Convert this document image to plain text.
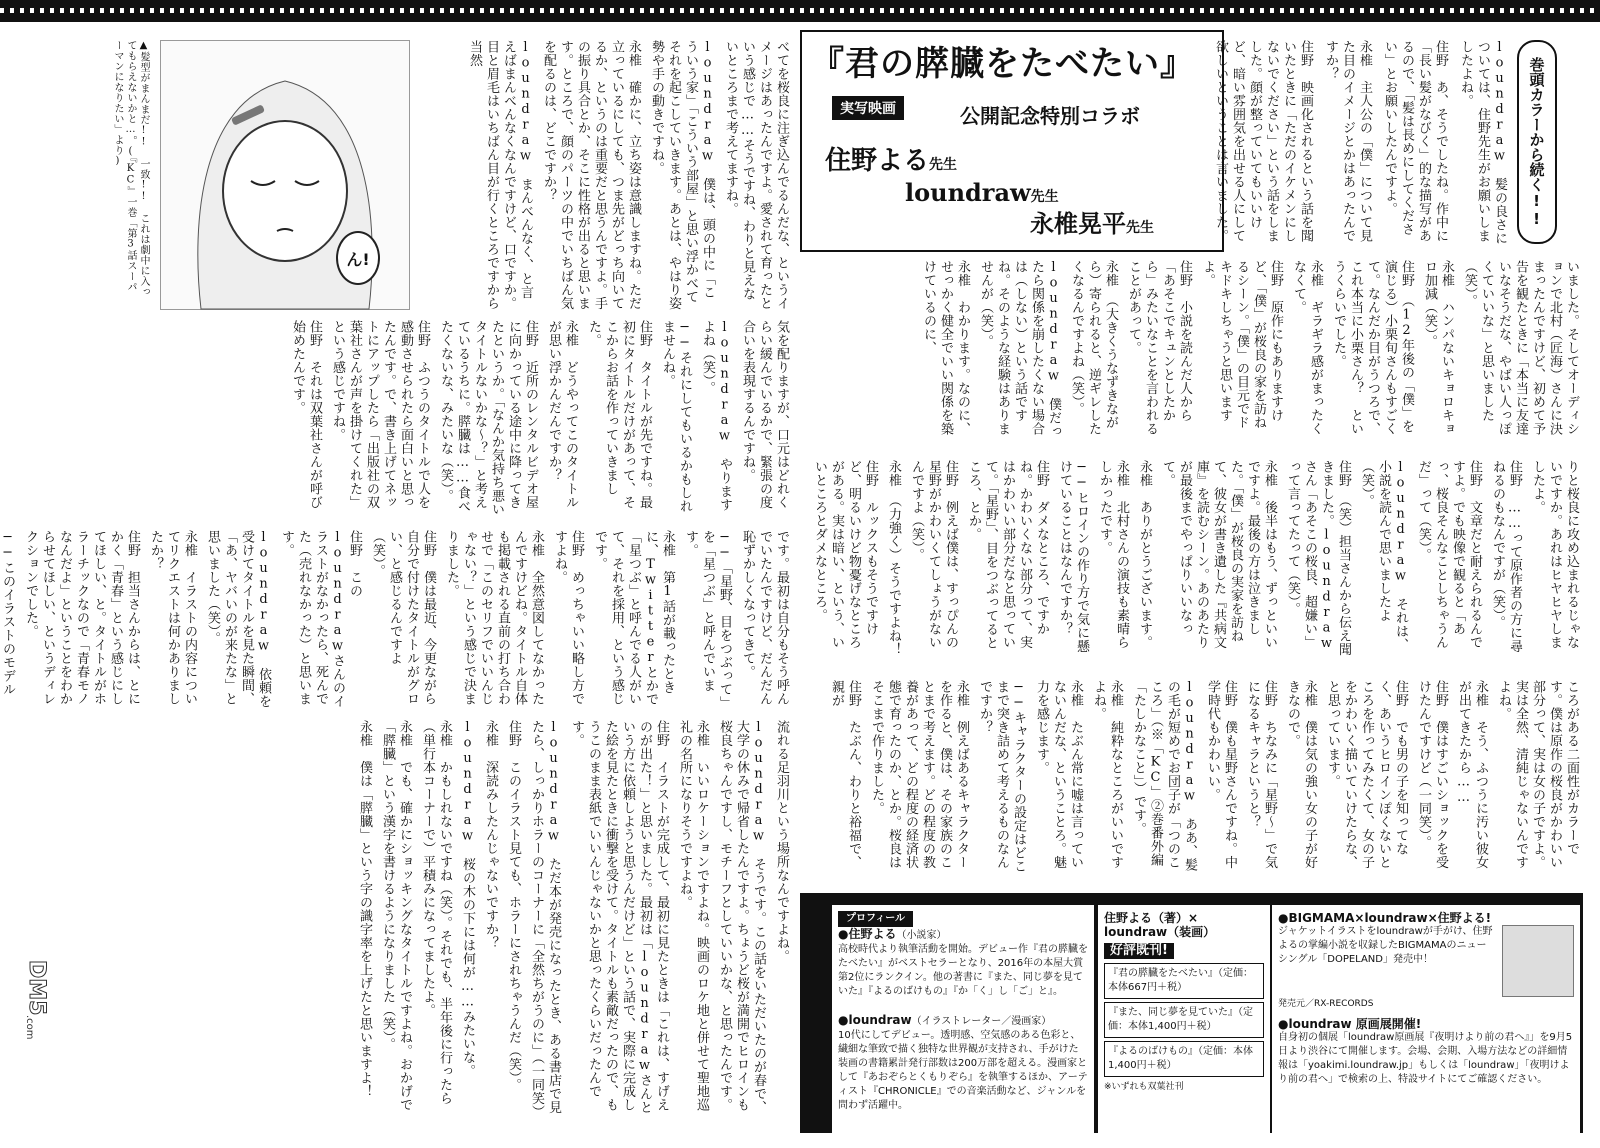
『君の膵臓をたべたい』
実写映画	公開記念特別コラボ
住野よる先生
loundraw先生
永椎晃平先生
巻頭カラーから続く!!

loundraw　髪の良さについては、住野先生がお願いしましたよね。

住野　あ、そうでしたね。作中に「長い髪がなびく」的な描写があるので、「髪は長めにしてください」とお願いしたんですよ。

永椎　主人公の「僕」について見た目のイメージとかはあったんですか？

住野　映画化されるという話を聞いたときに「ただのイケメンにしないでください」という話をしました。顔が整っていてもいいけど、暗い雰囲気を出せる人にして欲しいということは言いました。

いました。そしてオーディションで北村（匠海）さんに決まったんですけど、初めて予告を観たときに「本当に友達いなそうだな、やばい人っぽくていいな」と思いました（笑）。

永椎　ハンパないキョロキョロ加減（笑）。

住野　（12年後の「僕」を演じる）小栗旬さんもすごくて。なんだか目がうつろで、これ本当に小栗さん？　というくらいでした。

永椎　ギラギラ感がまったくなくて。

住野　原作にもありますけど、「僕」が桜良の家を訪ねるシーン。「僕」の目元でドキドキしちゃうと思いますよ。

住野　小説を読んだ人から「あそこでキュンとしたから」みたいなことを言われることがあって。

永椎　（大きくうなずきながら）寄られると、逆ギレしたくなるんですよね（笑）。

loundraw　僕だったら関係を崩したくない場合は（しない）という話ですね。そのような経験はありませんが（笑）。

永椎　わかります。なのに、せっかく健全でいい関係を築けているのに、

りと桜良に攻め込まれるじゃないですか。あれはヒヤヒヤしましたよ。

住野　……って原作者の方に尋ねるのもなんですが（笑）。

住野　文章だと耐えられるんですよ。でも映像で観ると「あっ、桜良そんなことしちゃうんだ」って（笑）。

loundraw　それは、小説を読んで思いましたよ（笑）。

住野　（笑）担当さんから伝え聞きました。loundrawさん「あそこの桜良、超嫌い」って言ってたって（笑）。

永椎　後半はもう、ずっといいですよ。最後の方は泣きました。「僕」が桜良の実家を訪ねて、彼女が書き遺した『共病文庫』を読むシーン。あのあたりが最後までやっぱりいいなって。

永椎　ありがとうございます。

永椎　北村さんの演技も素晴らしかったです。

──ヒロインの作り方で気に懸けていることはなんですか？

住野　ダメなところ、ですかね。かわいくない部分って、実はかわいい部分だなと思っていて。「星野」、目をつぶってるところ、とか。

住野　例えば僕は、すっぴんの星野がかわいくてしょうがないんですよ（笑）。

永椎　（力強く）そうですよね！

住野　ルックスもそうですけど、明るいけど物憂げなところがある。実は暗い、という、いいところとダメなところ。

ころがある二面性がカラーです。僕は原作の桜良がかわいい部分って、実は女の子ですよ。実は全然、清純じゃないんですよね。

永椎　そう、ふつうに汚い彼女が出てきたから……

住野　僕はすごいショックを受けたんですけど（一同笑）。

住野　でも男の子を知ってなく、あいうヒロインぽくないところを作ってみたくて、女の子をかわいく描いていけたらな、と思っています。

永椎　僕は気の強い女の子が好きなので。

住野　ちなみに「星野～」で気になるキャラというと？

住野　僕も星野さんですね。中学時代もかわいい。

loundraw　ああ、髪の毛が短めでお団子が「つのこころ」（※「KC」②巻番外編「たしかなこと」）です。

永椎　純粋なところがいいですよね。

永椎　たぶん常に嘘は言っていないんだな、ということろ。魅力を感じます。

──キャラクターの設定はどこまで突き詰めて考えるものなんですか？

永椎　例えばあるキャラクターを作ると、僕は、その家族のことまで考えます。どの程度の教養があって、どの程度の経済状態で育ったのか、とか。桜良はそこまで作りました。

住野　たぶん、わりと裕福で、親が

プロフィール
●住野よる（小説家）
高校時代より執筆活動を開始。デビュー作『君の膵臓をたべたい』がベストセラーとなり、2016年の本屋大賞第2位にランクイン。他の著書に『また、同じ夢を見ていた』『よるのばけもの』『か「く」し「ご」と』。
●loundraw（イラストレーター／漫画家）
10代にしてデビュー。透明感、空気感のある色彩と、繊細な筆致で描く独特な世界観が支持され、手がけた装画の書籍累計発行部数は200万部を超える。漫画家として『あおぞらとくもりぞら』を執筆するほか、アーティスト『CHRONICLE』での音楽活動など、ジャンルを問わず活躍中。
住野よる（著）× loundraw（装画）
好評既刊!
『君の膵臓をたべたい』（定価：本体667円＋税）
『また、同じ夢を見ていた』（定価：本体1,400円＋税）
『よるのばけもの』（定価：本体1,400円＋税）
※いずれも双葉社刊
●BIGMAMA×loundraw×住野よる!
ジャケットイラストをloundrawが手がけ、住野よるの掌編小説を収録したBIGMAMAのニューシングル「DOPELAND」発売中！
発売元／RX-RECORDS
●loundraw 原画展開催!
自身初の個展「loundraw原画展『夜明けより前の君へ』」を9月5日より渋谷にて開催します。会場、会期、入場方法などの詳細情報は「yoakimi.loundraw.jp」もしくは「loundraw」「夜明けより前の君へ」で検索の上、特設サイトにてご確認ください。
ん!
▲髪型がまんまだ!!　一致!!　これは劇中に入ってもらえないかと…。(『KC』一巻「第3話スーパーマンになりたい」より)	べてを桜良に注ぎ込んでるんだな、というイメージはあったんですよ。愛されて育ったという感じで……そうですね、わりと見えないところまで考えてますね。

loundraw　僕は、頭の中に「こういう家」「こういう部屋」と思い浮かべてそれを起こしていきます。あとは、やはり姿勢や手の動きですね。

永椎　確かに、立ち姿は意識しますね。ただ立っているにしても、つま先がどっち向いてるか、というのは重要だと思うんですよ。手の振り具合とか、そこに性格が出ると思います。ところで、顔のパーツの中でいちばん気を配るのは、どこですか？

loundraw　まんべんなく、と言えばまんべんなくなんですけど、口ですか。目と眉毛はいちばん目が行くところですから当然

気を配りますが、口元はどれくらい緩んでいるかで、緊張の度合いを表現するんですね。

loundraw　やりますよね（笑）。

──それにしてもいるかもしれませんね。

住野　タイトルが先ですね。最初にタイトルだけがあって、そこからお話を作っていきました。

永椎　どうやってこのタイトルが思い浮かんだんですか？

住野　近所のレンタルビデオ屋に向かっている途中に降ってきたというか。「なんか気持ち悪いタイトルないかな～？」と考えているうちに。膵臓は……食べたくないな、みたいな（笑）。

住野　ふつうのタイトルで人を感動させられたら面白いと思ったんです。で、書き上げてネットにアップしたら「出版社の双葉社さんが声を掛けてくれた」という感じですね。

住野　それは双葉社さんが呼び始めたんです。

です。最初は自分もそう呼んでいたんですけど、だんだん恥ずかしくなってきて。

──「星野、目をつぶって」を「星つぶ」と呼んでいます。

永椎　第1話が載ったときに、Twitterとかで「星つぶ」と呼んでる人がいて、それを採用、という感じです。

住野　めっちゃいい略し方ですよね。

永椎　全然意図してなかったんですけどね。タイトル自体も掲載される直前の打ち合わせで「このセリフでいいんじゃない？」という感じで決まりました。

住野　僕は最近、今更ながら自分で付けたタイトルがグロい、と感じるんですよ（笑）。

住野　このloundrawさんのイラストがなかったら、死んでた（売れなかった）と思います。

loundraw　依頼を受けてタイトルを見た瞬間、「あ、ヤバいのが来たな」と思いました（笑）。

永椎　イラストの内容についてリクエストは何かありましたか？

住野　担当さんからは、とにかく「青春」という感じにしてほしい、と。タイトルがホラーチックなので「青春モノなんだよ」ということをわからせてほしい、というディレクションでした。

──このイラストのモデル

流れる足羽川という場所なんですよね。

loundraw　そうです。この話をいただいたのが春で、大学の休みで帰省したんですよ。ちょうど桜が満開でヒロインも桜良ちゃんですし、モチーフとしていいかな、と思ったんです。

永椎　いいロケーションですよね。映画のロケ地と併せて聖地巡礼の名所になりそうですよね。

住野　イラストが完成して、最初に見たときは「これは、すげえのが出た！」と思いました。最初は「loundrawさんという方に依頼しようと思うんだけど」という話で、実際に完成した絵を見たときに衝撃を受けて。タイトルも素敵だったので、もうこのまま表紙でいいんじゃないかと思ったくらいだったんです。

loundraw　ただ本が発売になったとき、ある書店で見たら、しっかりホラーのコーナーに「全然ちがうのに」（一同笑）

住野　このイラスト見ても、ホラーにされちゃうんだ（笑）。

永椎　深読みしたんじゃないですか？

loundraw　桜の木の下には何が……みたいな。

永椎　かもしれないですね（笑）。それでも、半年後に行ったら（単行本コーナーで）平積みになってましたよ。

永椎　でも、確かにショッキングなタイトルですよね。おかげで「膵臓」という漢字を書けるようになりました（笑）。

永椎　僕は「膵臓」という字の識字率を上げたと思いますよ！

DM5
.com
